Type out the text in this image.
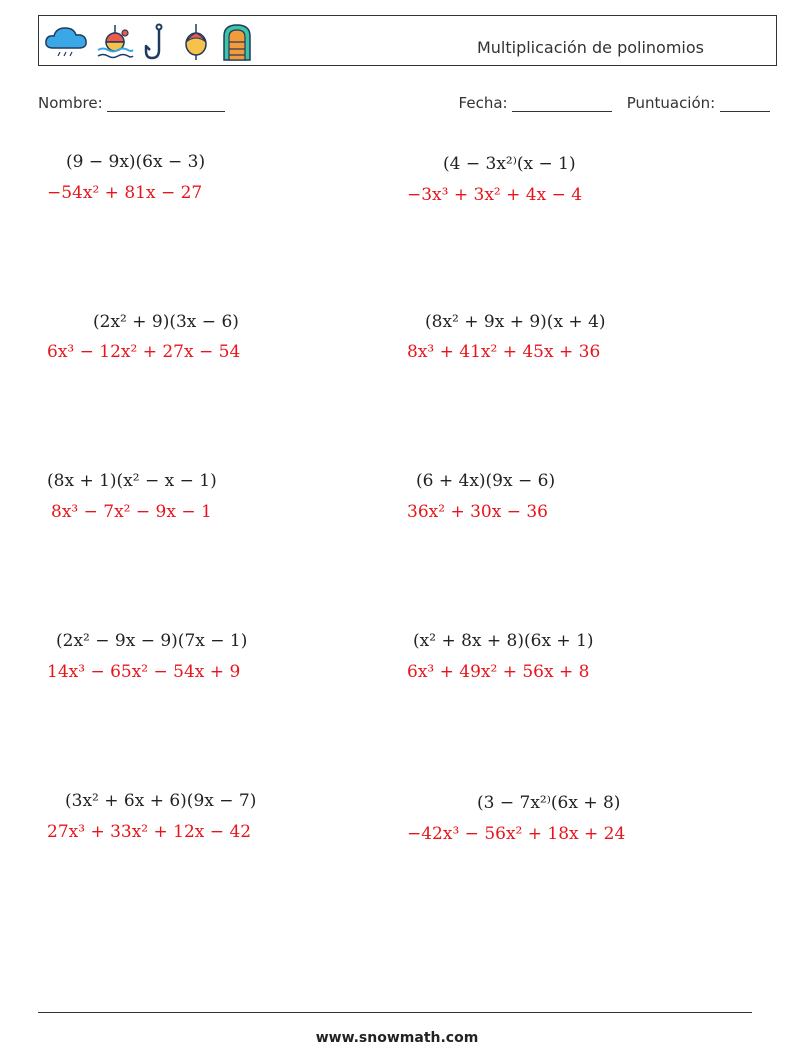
Multiplicación de polinomios
Nombre:	Fecha:	Puntuación:
(9 − 9x)(6x − 3)
−54x² + 81x − 27
(4 − 3x²⁾(x − 1)
−3x³ + 3x² + 4x − 4
(2x² + 9)(3x − 6)
6x³ − 12x² + 27x − 54
(8x² + 9x + 9)(x + 4)
8x³ + 41x² + 45x + 36
(8x + 1)(x² − x − 1)
8x³ − 7x² − 9x − 1
(6 + 4x)(9x − 6)
36x² + 30x − 36
(2x² − 9x − 9)(7x − 1)
14x³ − 65x² − 54x + 9
(x² + 8x + 8)(6x + 1)
6x³ + 49x² + 56x + 8
(3x² + 6x + 6)(9x − 7)
27x³ + 33x² + 12x − 42
(3 − 7x²⁾(6x + 8)
−42x³ − 56x² + 18x + 24
www.snowmath.com
